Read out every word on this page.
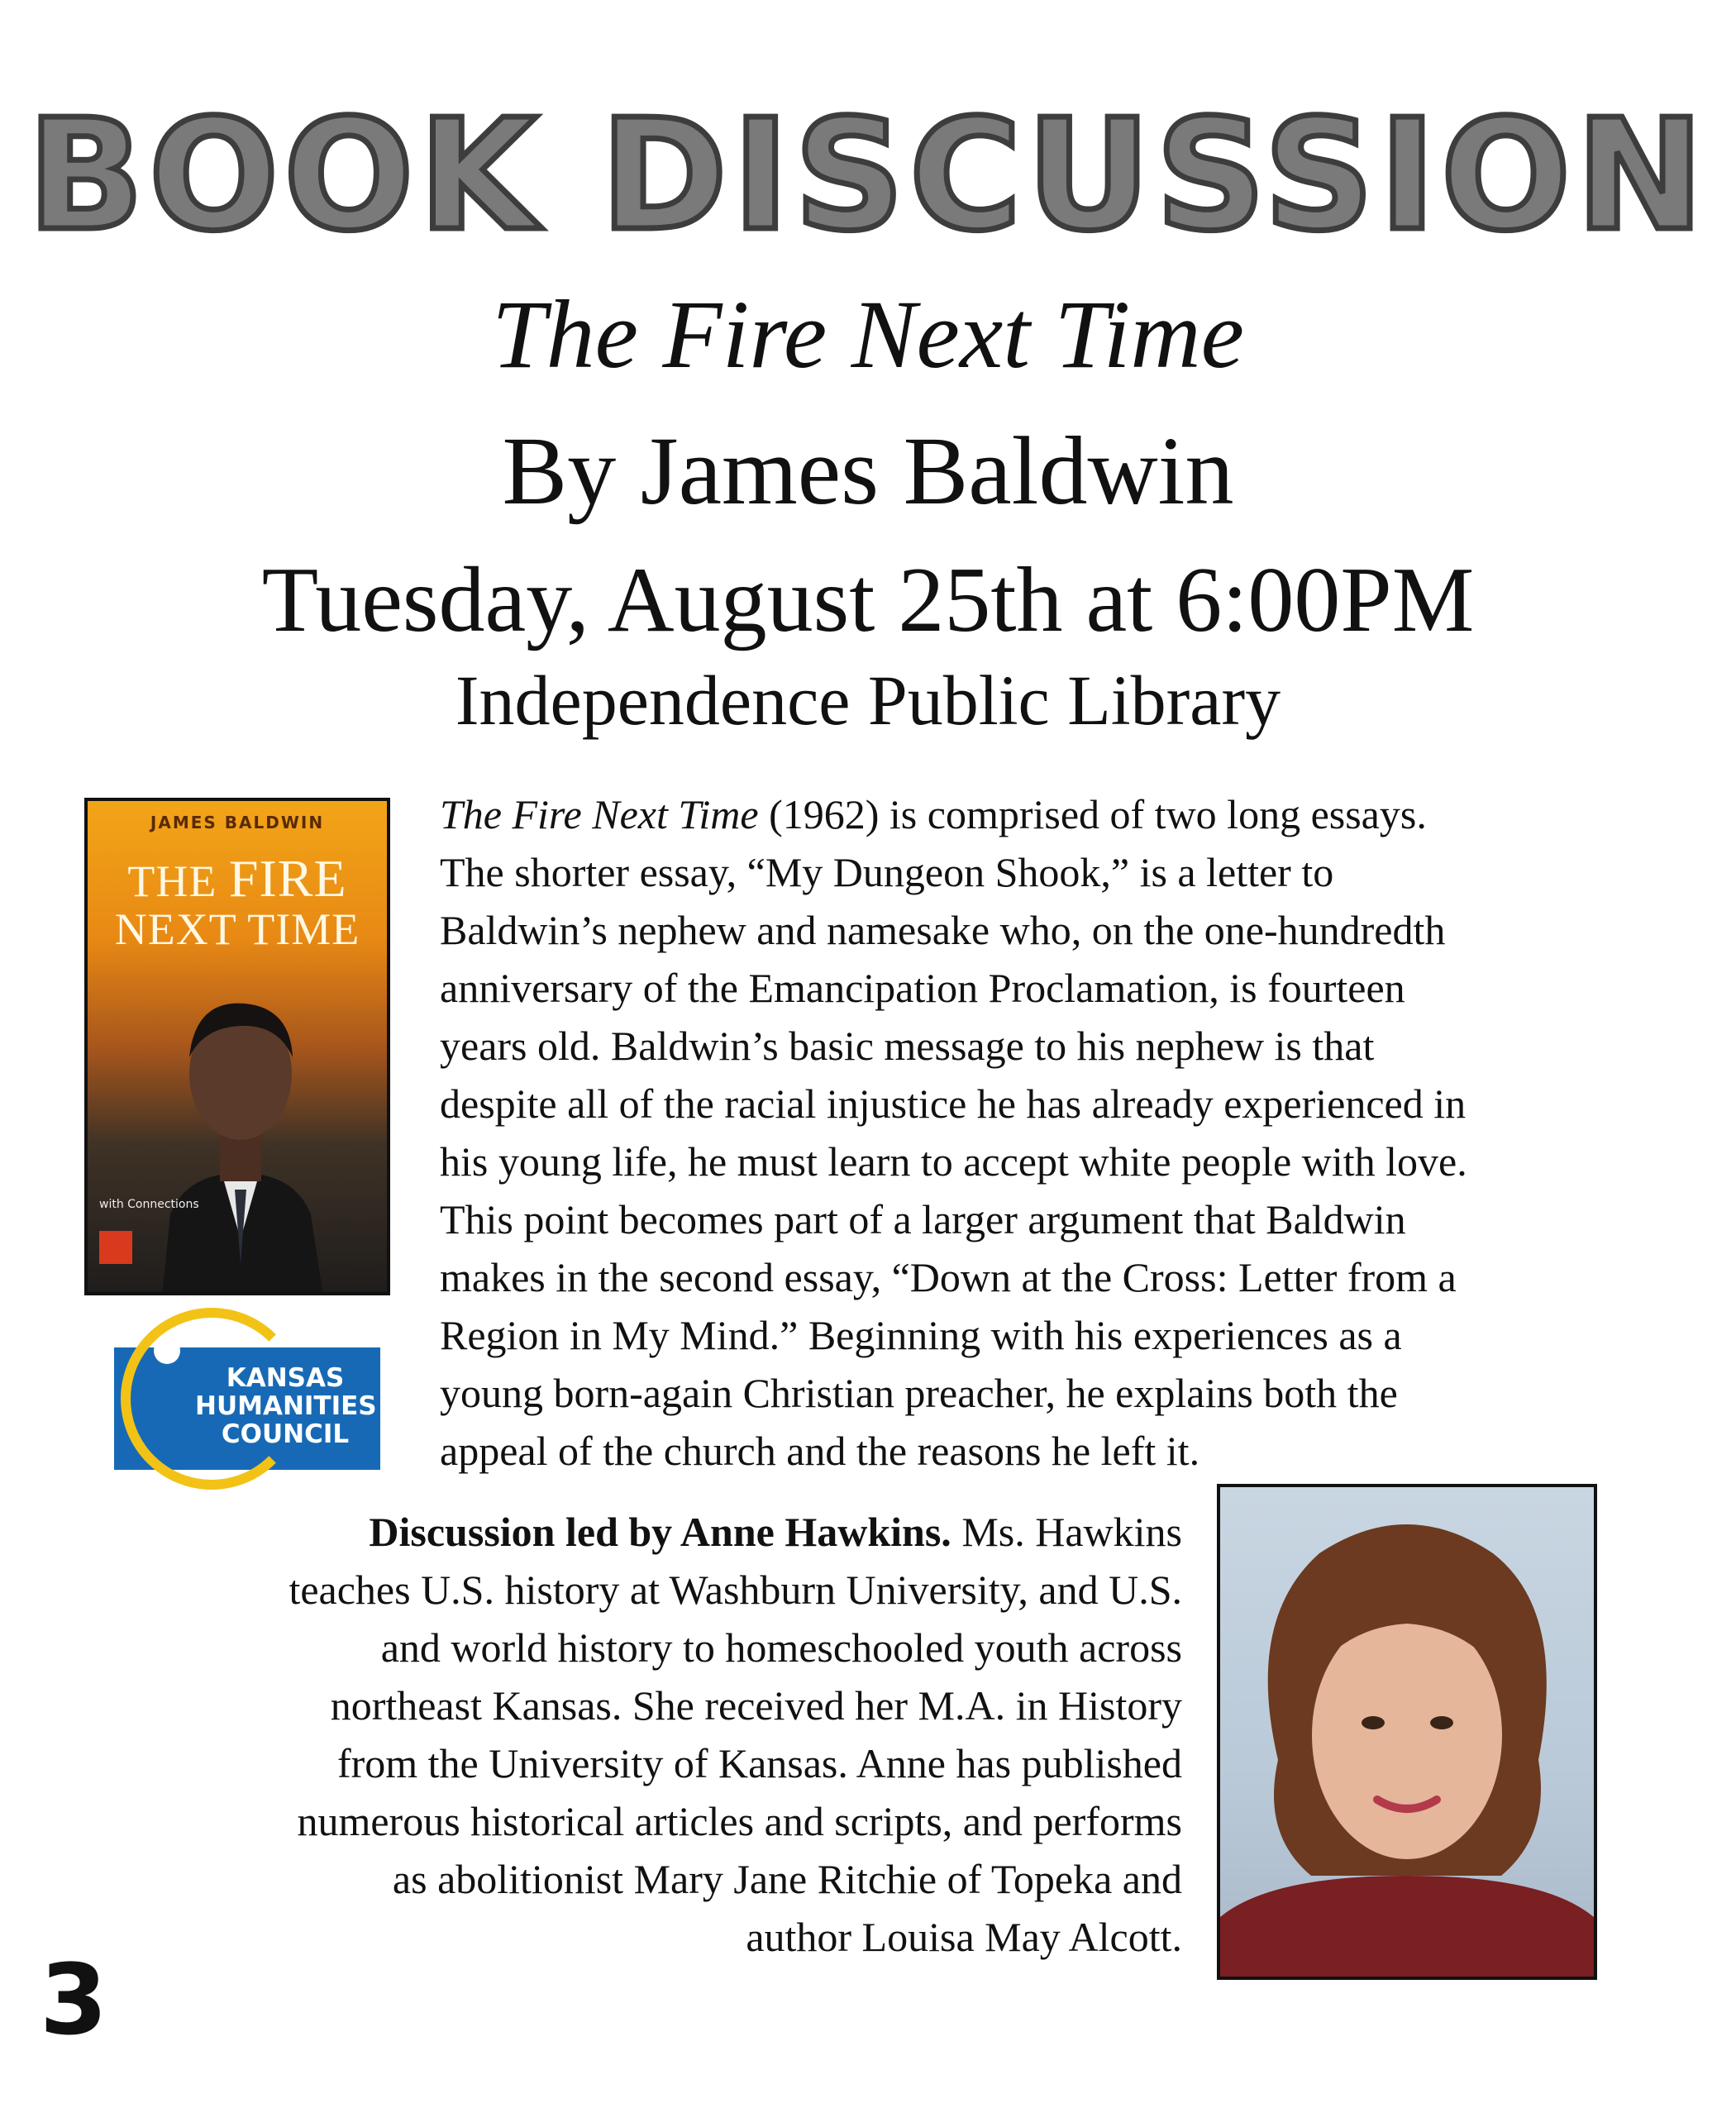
BOOK DISCUSSION
The Fire Next Time
By James Baldwin
Tuesday, August 25th at 6:00PM
Independence Public Library
JAMES BALDWIN
THE FIRE
NEXT TIME
with Connections
KANSAS
HUMANITIES
COUNCIL
The Fire Next Time (1962) is comprised of two long essays.
The shorter essay, “My Dungeon Shook,” is a letter to
Baldwin’s nephew and namesake who, on the one-hundredth
anniversary of the Emancipation Proclamation, is fourteen
years old. Baldwin’s basic message to his nephew is that
despite all of the racial injustice he has already experienced in
his young life, he must learn to accept white people with love.
This point becomes part of a larger argument that Baldwin
makes in the second essay, “Down at the Cross: Letter from a
Region in My Mind.” Beginning with his experiences as a
young born-again Christian preacher, he explains both the
appeal of the church and the reasons he left it.
Discussion led by Anne Hawkins. Ms. Hawkins
teaches U.S. history at Washburn University, and U.S.
and world history to homeschooled youth across
northeast Kansas. She received her M.A. in History
from the University of Kansas. Anne has published
numerous historical articles and scripts, and performs
as abolitionist Mary Jane Ritchie of Topeka and
author Louisa May Alcott.
3
